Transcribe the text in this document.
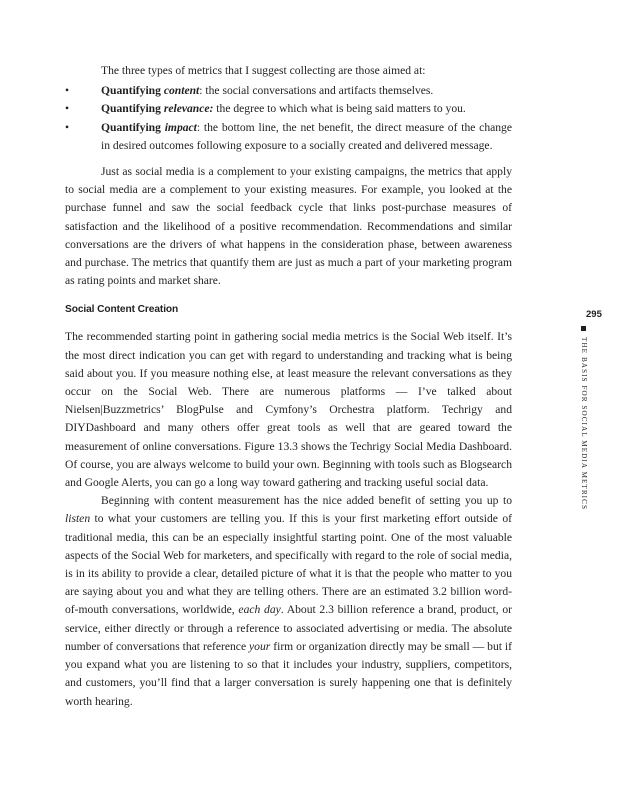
The three types of metrics that I suggest collecting are those aimed at:

•	Quantifying content: the social conversations and artifacts themselves.
•	Quantifying relevance: the degree to which what is being said matters to you.
•	Quantifying impact: the bottom line, the net benefit, the direct measure of the change in desired outcomes following exposure to a socially created and delivered message.

Just as social media is a complement to your existing campaigns, the metrics that apply to social media are a complement to your existing measures. For example, you looked at the purchase funnel and saw the social feedback cycle that links post-purchase measures of satisfaction and the likelihood of a positive recommendation. Recommendations and similar conversations are the drivers of what happens in the consideration phase, between awareness and purchase. The metrics that quantify them are just as much a part of your marketing program as rating points and market share.

Social Content Creation

The recommended starting point in gathering social media metrics is the Social Web itself. It’s the most direct indication you can get with regard to understanding and tracking what is being said about you. If you measure nothing else, at least measure the relevant conversations as they occur on the Social Web. There are numerous platforms — I’ve talked about Nielsen|Buzzmetrics’ BlogPulse and Cymfony’s Orchestra platform. Techrigy and DIYDashboard and many others offer great tools as well that are geared toward the measurement of online conversations. Figure 13.3 shows the Techrigy Social Media Dashboard. Of course, you are always welcome to build your own. Beginning with tools such as Blogsearch and Google Alerts, you can go a long way toward gathering and tracking useful social data.

Beginning with content measurement has the nice added benefit of setting you up to listen to what your customers are telling you. If this is your first marketing effort outside of traditional media, this can be an especially insightful starting point. One of the most valuable aspects of the Social Web for marketers, and specifically with regard to the role of social media, is in its ability to provide a clear, detailed picture of what it is that the people who matter to you are saying about you and what they are telling others. There are an estimated 3.2 billion word-of-mouth conversations, worldwide, each day. About 2.3 billion reference a brand, product, or service, either directly or through a reference to associated advertising or media. The absolute number of conversations that reference your firm or organization directly may be small — but if you expand what you are listening to so that it includes your industry, suppliers, competitors, and customers, you’ll find that a larger conversation is surely happening one that is definitely worth hearing.

295
THE BASIS FOR SOCIAL MEDIA METRICS
